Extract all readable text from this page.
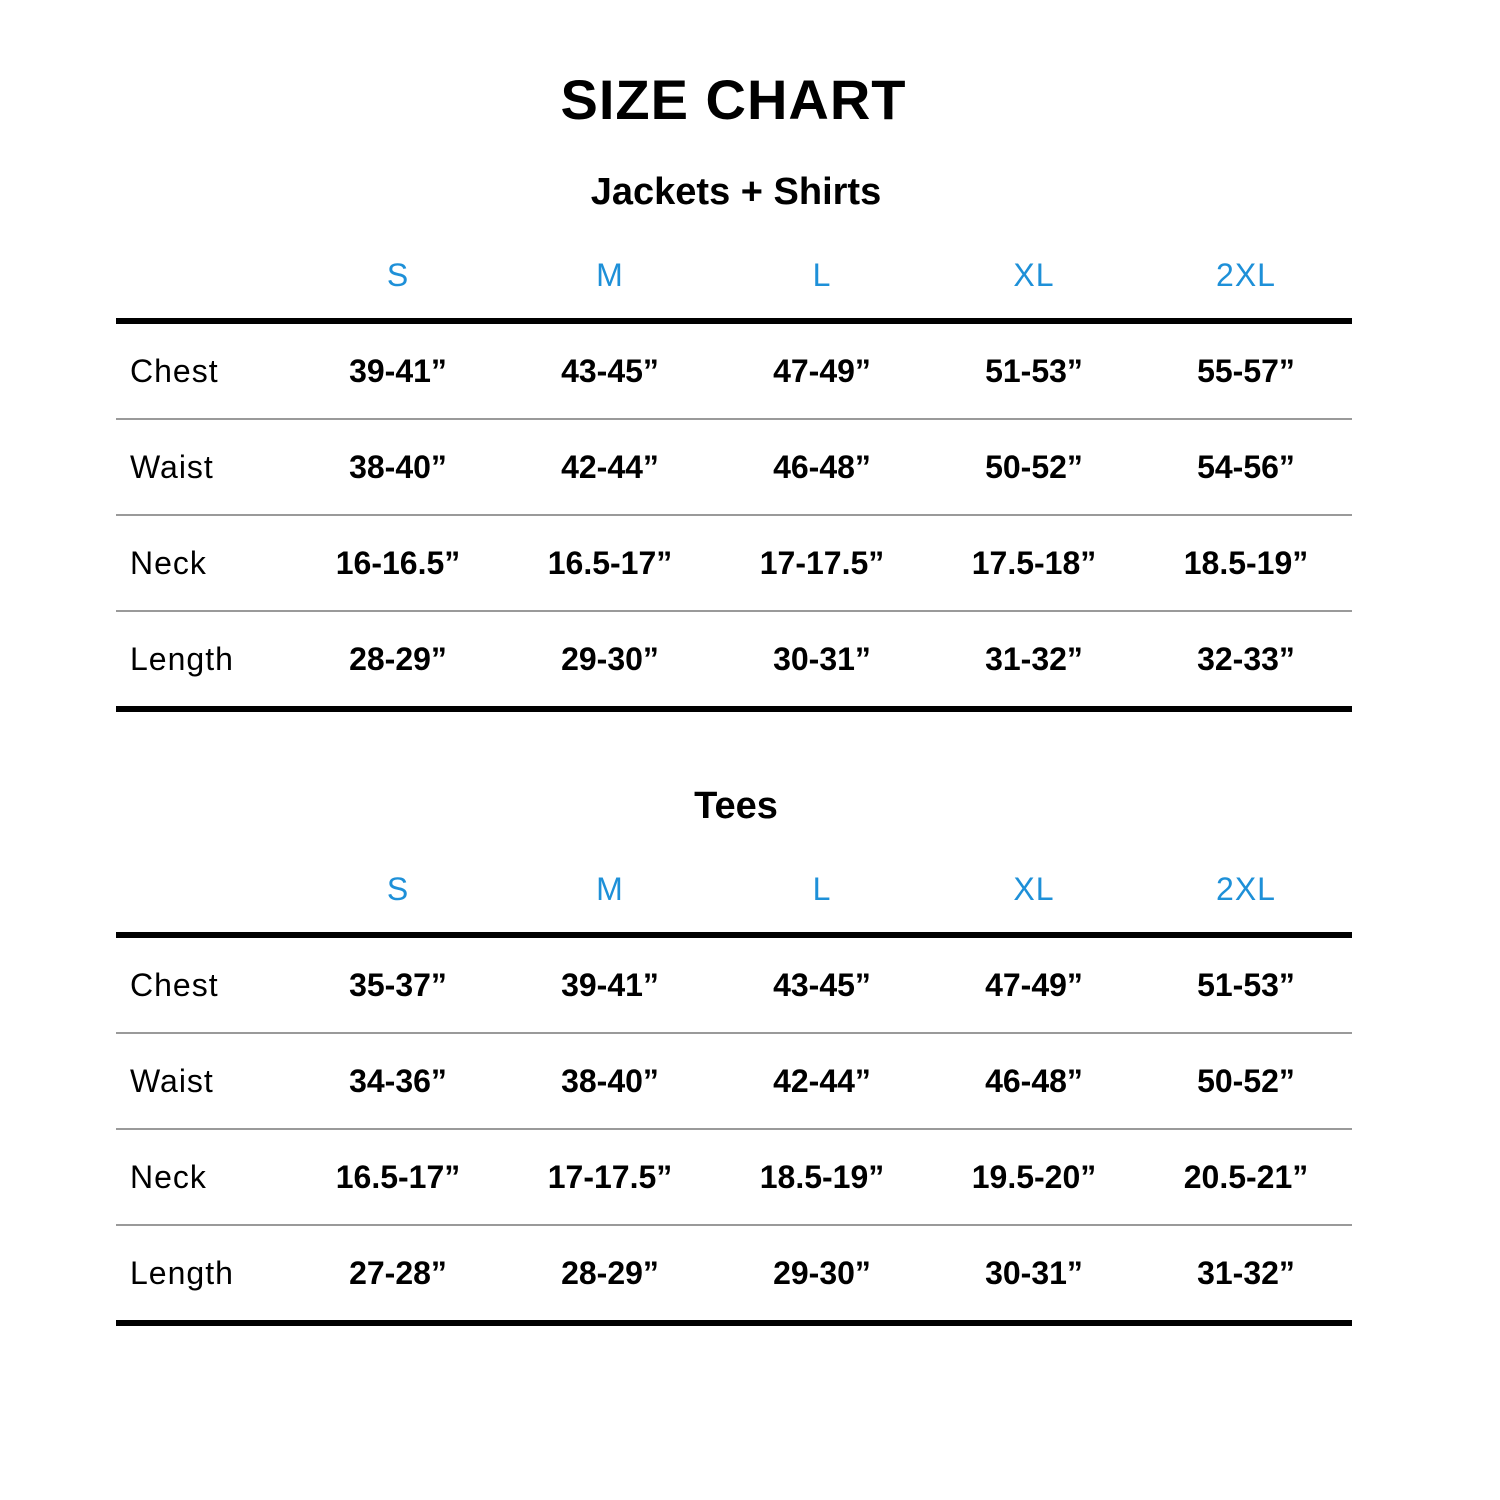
SIZE CHART
Jackets + Shirts
S	M	L	XL	2XL
Chest	39-41”	43-45”	47-49”	51-53”	55-57”
Waist	38-40”	42-44”	46-48”	50-52”	54-56”
Neck	16-16.5”	16.5-17”	17-17.5”	17.5-18”	18.5-19”
Length	28-29”	29-30”	30-31”	31-32”	32-33”
Tees
S	M	L	XL	2XL
Chest	35-37”	39-41”	43-45”	47-49”	51-53”
Waist	34-36”	38-40”	42-44”	46-48”	50-52”
Neck	16.5-17”	17-17.5”	18.5-19”	19.5-20”	20.5-21”
Length	27-28”	28-29”	29-30”	30-31”	31-32”
